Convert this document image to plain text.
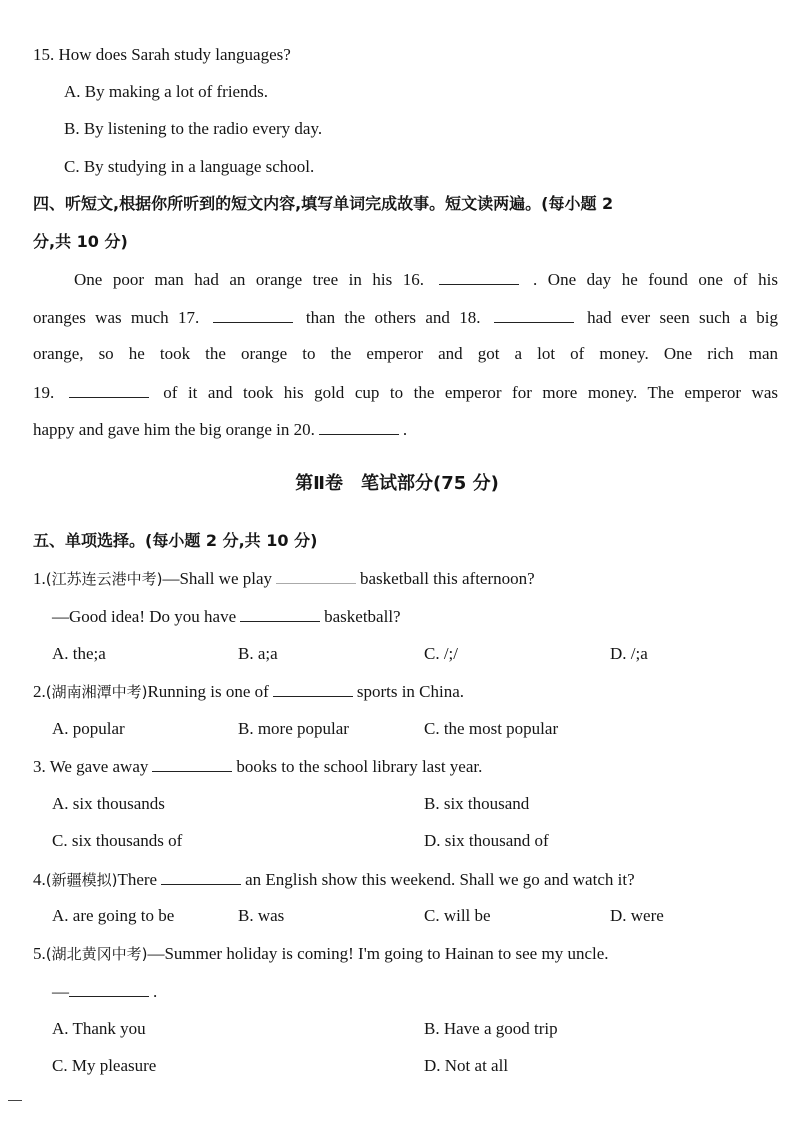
15. How does Sarah study languages?
A. By making a lot of friends.
B. By listening to the radio every day.
C. By studying in a language school.
四、听短文,根据你所听到的短文内容,填写单词完成故事。短文读两遍。(每小题 2
分,共 10 分)
One poor man had an orange tree in his 16.	. One day he found one of his
oranges was much 17.	than the others and 18.	had ever seen such a big
orange, so he took the orange to the emperor and got a lot of money. One rich man
19.	of it and took his gold cup to the emperor for more money. The emperor was
happy and gave him the big orange in 20.	.
第Ⅱ卷　笔试部分(75 分)
五、单项选择。(每小题 2 分,共 10 分)
1.(江苏连云港中考)—Shall we play	basketball this afternoon?
—Good idea! Do you have	basketball?
A. the;a	B. a;a	C. /;/	D. /;a
2.(湖南湘潭中考)Running is one of	sports in China.
A. popular	B. more popular	C. the most popular
3. We gave away	books to the school library last year.
A. six thousands	B. six thousand
C. six thousands of	D. six thousand of
4.(新疆模拟)There	an English show this weekend. Shall we go and watch it?
A. are going to be	B. was	C. will be	D. were
5.(湖北黄冈中考)—Summer holiday is coming! I'm going to Hainan to see my uncle.
—	.
A. Thank you	B. Have a good trip
C. My pleasure	D. Not at all
